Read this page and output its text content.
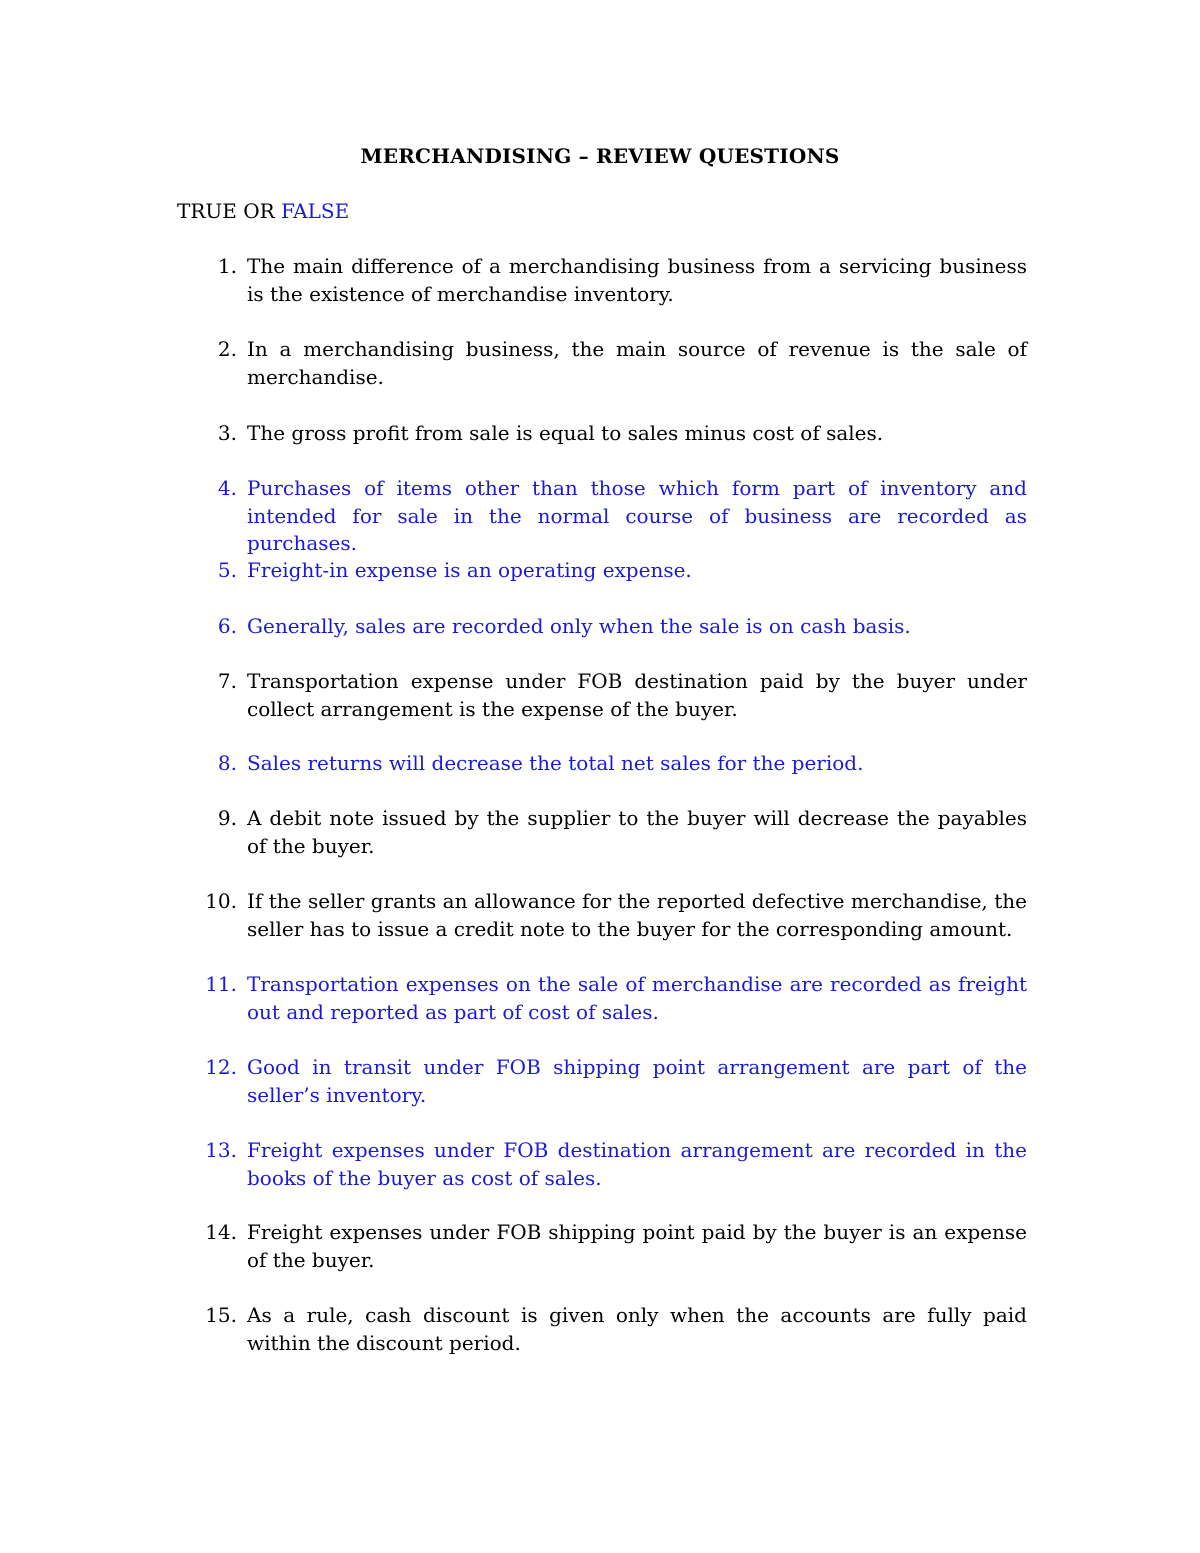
MERCHANDISING – REVIEW QUESTIONS
TRUE OR FALSE
1. The main difference of a merchandising business from a servicing business is the existence of merchandise inventory.
2. In a merchandising business, the main source of revenue is the sale of merchandise.
3. The gross profit from sale is equal to sales minus cost of sales.
4. Purchases of items other than those which form part of inventory and intended for sale in the normal course of business are recorded as purchases.
5. Freight-in expense is an operating expense.
6. Generally, sales are recorded only when the sale is on cash basis.
7. Transportation expense under FOB destination paid by the buyer under collect arrangement is the expense of the buyer.
8. Sales returns will decrease the total net sales for the period.
9. A debit note issued by the supplier to the buyer will decrease the payables of the buyer.
10. If the seller grants an allowance for the reported defective merchandise, the seller has to issue a credit note to the buyer for the corresponding amount.
11. Transportation expenses on the sale of merchandise are recorded as freight out and reported as part of cost of sales.
12. Good in transit under FOB shipping point arrangement are part of the seller’s inventory.
13. Freight expenses under FOB destination arrangement are recorded in the books of the buyer as cost of sales.
14. Freight expenses under FOB shipping point paid by the buyer is an expense of the buyer.
15. As a rule, cash discount is given only when the accounts are fully paid within the discount period.
